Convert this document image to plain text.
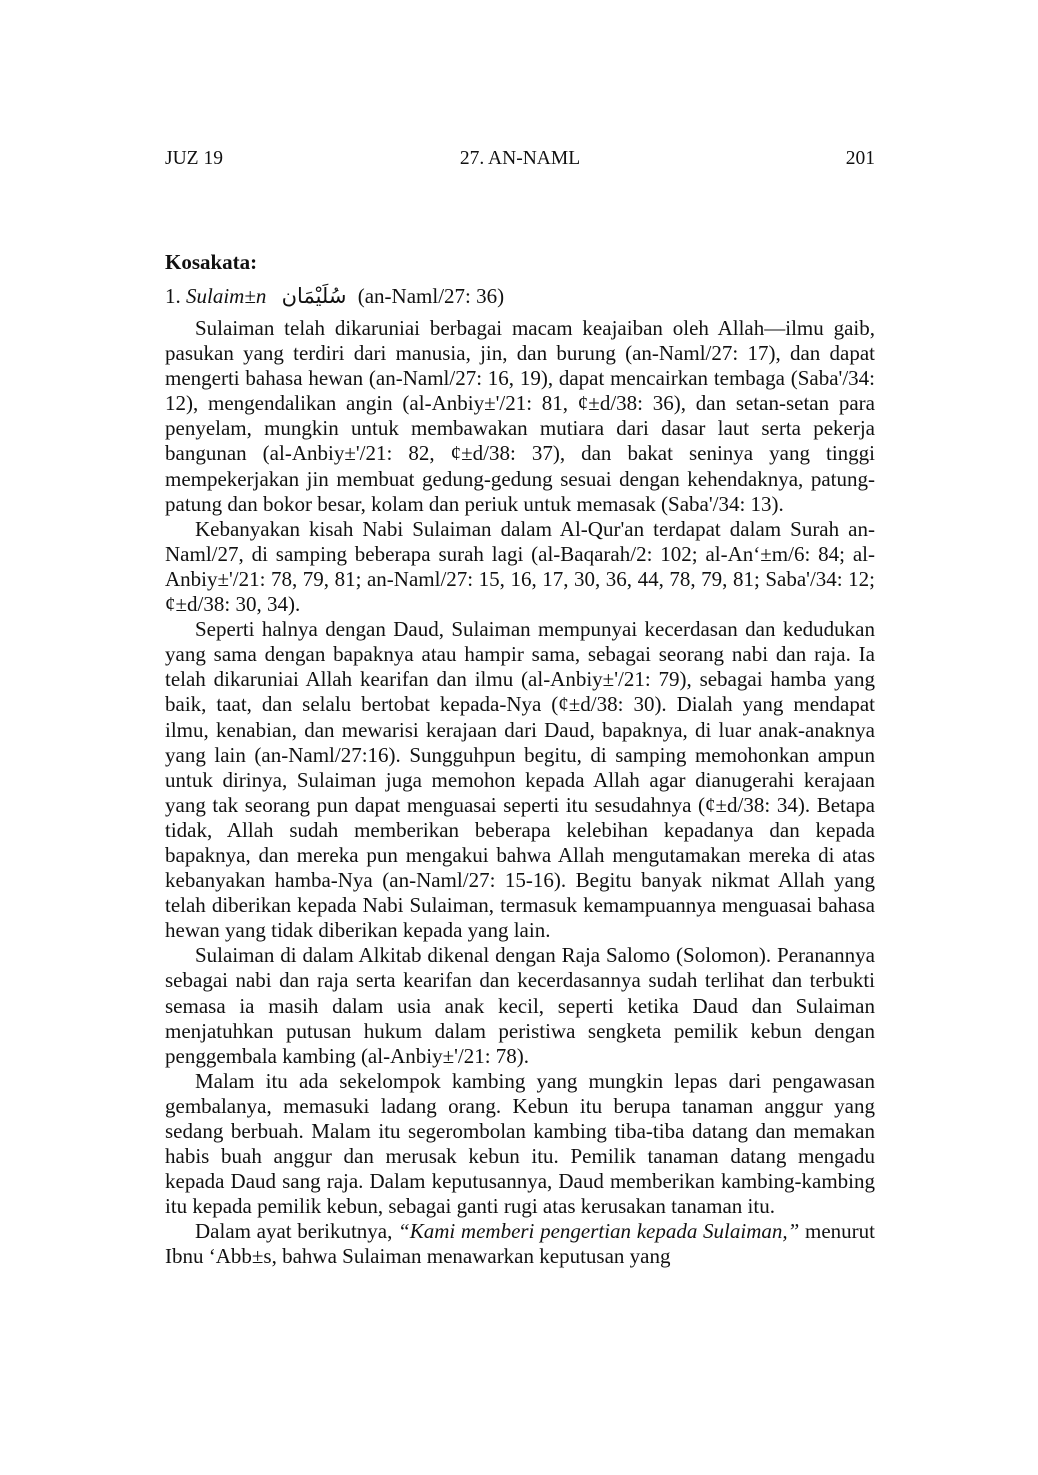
JUZ 19	27. AN-NAML	201
Kosakata:
1. Sulaim±n سُلَيْمَان (an-Naml/27: 36)

Sulaiman telah dikaruniai berbagai macam keajaiban oleh Allah—ilmu gaib, pasukan yang terdiri dari manusia, jin, dan burung (an-Naml/27: 17), dan dapat mengerti bahasa hewan (an-Naml/27: 16, 19), dapat mencairkan tembaga (Saba'/34: 12), mengendalikan angin (al-Anbiy±'/21: 81, ¢±d/38: 36), dan setan-setan para penyelam, mungkin untuk membawakan mutiara dari dasar laut serta pekerja bangunan (al-Anbiy±'/21: 82, ¢±d/38: 37), dan bakat seninya yang tinggi mempekerjakan jin membuat gedung-gedung sesuai dengan kehendaknya, patung-patung dan bokor besar, kolam dan periuk untuk memasak (Saba'/34: 13).

Kebanyakan kisah Nabi Sulaiman dalam Al-Qur'an terdapat dalam Surah an-Naml/27, di samping beberapa surah lagi (al-Baqarah/2: 102; al-An‘±m/6: 84; al-Anbiy±'/21: 78, 79, 81; an-Naml/27: 15, 16, 17, 30, 36, 44, 78, 79, 81; Saba'/34: 12; ¢±d/38: 30, 34).

Seperti halnya dengan Daud, Sulaiman mempunyai kecerdasan dan kedudukan yang sama dengan bapaknya atau hampir sama, sebagai seorang nabi dan raja. Ia telah dikaruniai Allah kearifan dan ilmu (al-Anbiy±'/21: 79), sebagai hamba yang baik, taat, dan selalu bertobat kepada-Nya (¢±d/38: 30). Dialah yang mendapat ilmu, kenabian, dan mewarisi kerajaan dari Daud, bapaknya, di luar anak-anaknya yang lain (an-Naml/27:16). Sungguhpun begitu, di samping memohonkan ampun untuk dirinya, Sulaiman juga memohon kepada Allah agar dianugerahi kerajaan yang tak seorang pun dapat menguasai seperti itu sesudahnya (¢±d/38: 34). Betapa tidak, Allah sudah memberikan beberapa kelebihan kepadanya dan kepada bapaknya, dan mereka pun mengakui bahwa Allah mengutamakan mereka di atas kebanyakan hamba-Nya (an-Naml/27: 15-16). Begitu banyak nikmat Allah yang telah diberikan kepada Nabi Sulaiman, termasuk kemampuannya menguasai bahasa hewan yang tidak diberikan kepada yang lain.

Sulaiman di dalam Alkitab dikenal dengan Raja Salomo (Solomon). Peranannya sebagai nabi dan raja serta kearifan dan kecerdasannya sudah terlihat dan terbukti semasa ia masih dalam usia anak kecil, seperti ketika Daud dan Sulaiman menjatuhkan putusan hukum dalam peristiwa sengketa pemilik kebun dengan penggembala kambing (al-Anbiy±'/21: 78).

Malam itu ada sekelompok kambing yang mungkin lepas dari pengawasan gembalanya, memasuki ladang orang. Kebun itu berupa tanaman anggur yang sedang berbuah. Malam itu segerombolan kambing tiba-tiba datang dan memakan habis buah anggur dan merusak kebun itu. Pemilik tanaman datang mengadu kepada Daud sang raja. Dalam keputusannya, Daud memberikan kambing-kambing itu kepada pemilik kebun, sebagai ganti rugi atas kerusakan tanaman itu.

Dalam ayat berikutnya, “Kami memberi pengertian kepada Sulaiman,” menurut Ibnu ‘Abb±s, bahwa Sulaiman menawarkan keputusan yang
